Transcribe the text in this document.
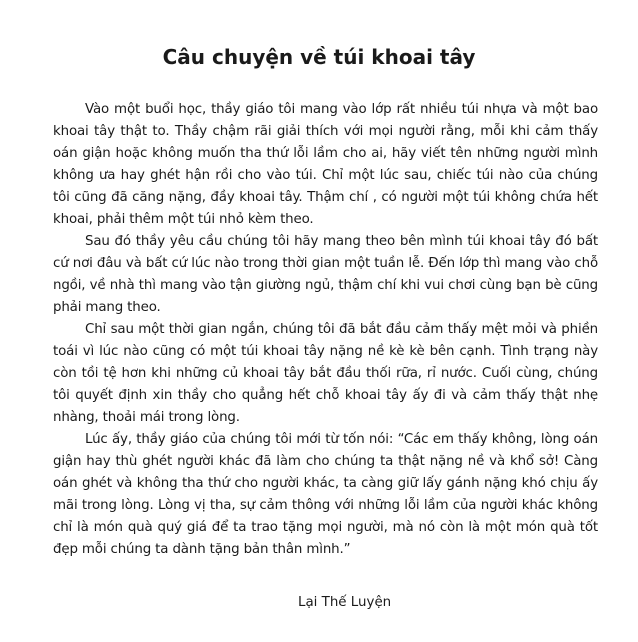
Câu chuyện về túi khoai tây

Vào một buổi học, thầy giáo tôi mang vào lớp rất nhiều túi nhựa và một bao khoai tây thật to. Thầy chậm rãi giải thích với mọi người rằng, mỗi khi cảm thấy oán giận hoặc không muốn tha thứ lỗi lầm cho ai, hãy viết tên những người mình không ưa hay ghét hận rồi cho vào túi. Chỉ một lúc sau, chiếc túi nào của chúng tôi cũng đã căng nặng, đầy khoai tây. Thậm chí , có người một túi không chứa hết khoai, phải thêm một túi nhỏ kèm theo.

Sau đó thầy yêu cầu chúng tôi hãy mang theo bên mình túi khoai tây đó bất cứ nơi đâu và bất cứ lúc nào trong thời gian một tuần lễ. Đến lớp thì mang vào chỗ ngồi, về nhà thì mang vào tận giường ngủ, thậm chí khi vui chơi cùng bạn bè cũng phải mang theo.

Chỉ sau một thời gian ngắn, chúng tôi đã bắt đầu cảm thấy mệt mỏi và phiền toái vì lúc nào cũng có một túi khoai tây nặng nề kè kè bên cạnh. Tình trạng này còn tồi tệ hơn khi những củ khoai tây bắt đầu thối rữa, rỉ nước. Cuối cùng, chúng tôi quyết định xin thầy cho quẳng hết chỗ khoai tây ấy đi và cảm thấy thật nhẹ nhàng, thoải mái trong lòng.

Lúc ấy, thầy giáo của chúng tôi mới từ tốn nói: “Các em thấy không, lòng oán giận hay thù ghét người khác đã làm cho chúng ta thật nặng nề và khổ sở! Càng oán ghét và không tha thứ cho người khác, ta càng giữ lấy gánh nặng khó chịu ấy mãi trong lòng. Lòng vị tha, sự cảm thông với những lỗi lầm của người khác không chỉ là món quà quý giá để ta trao tặng mọi người, mà nó còn là một món quà tốt đẹp mỗi chúng ta dành tặng bản thân mình.”

Lại Thế Luyện
